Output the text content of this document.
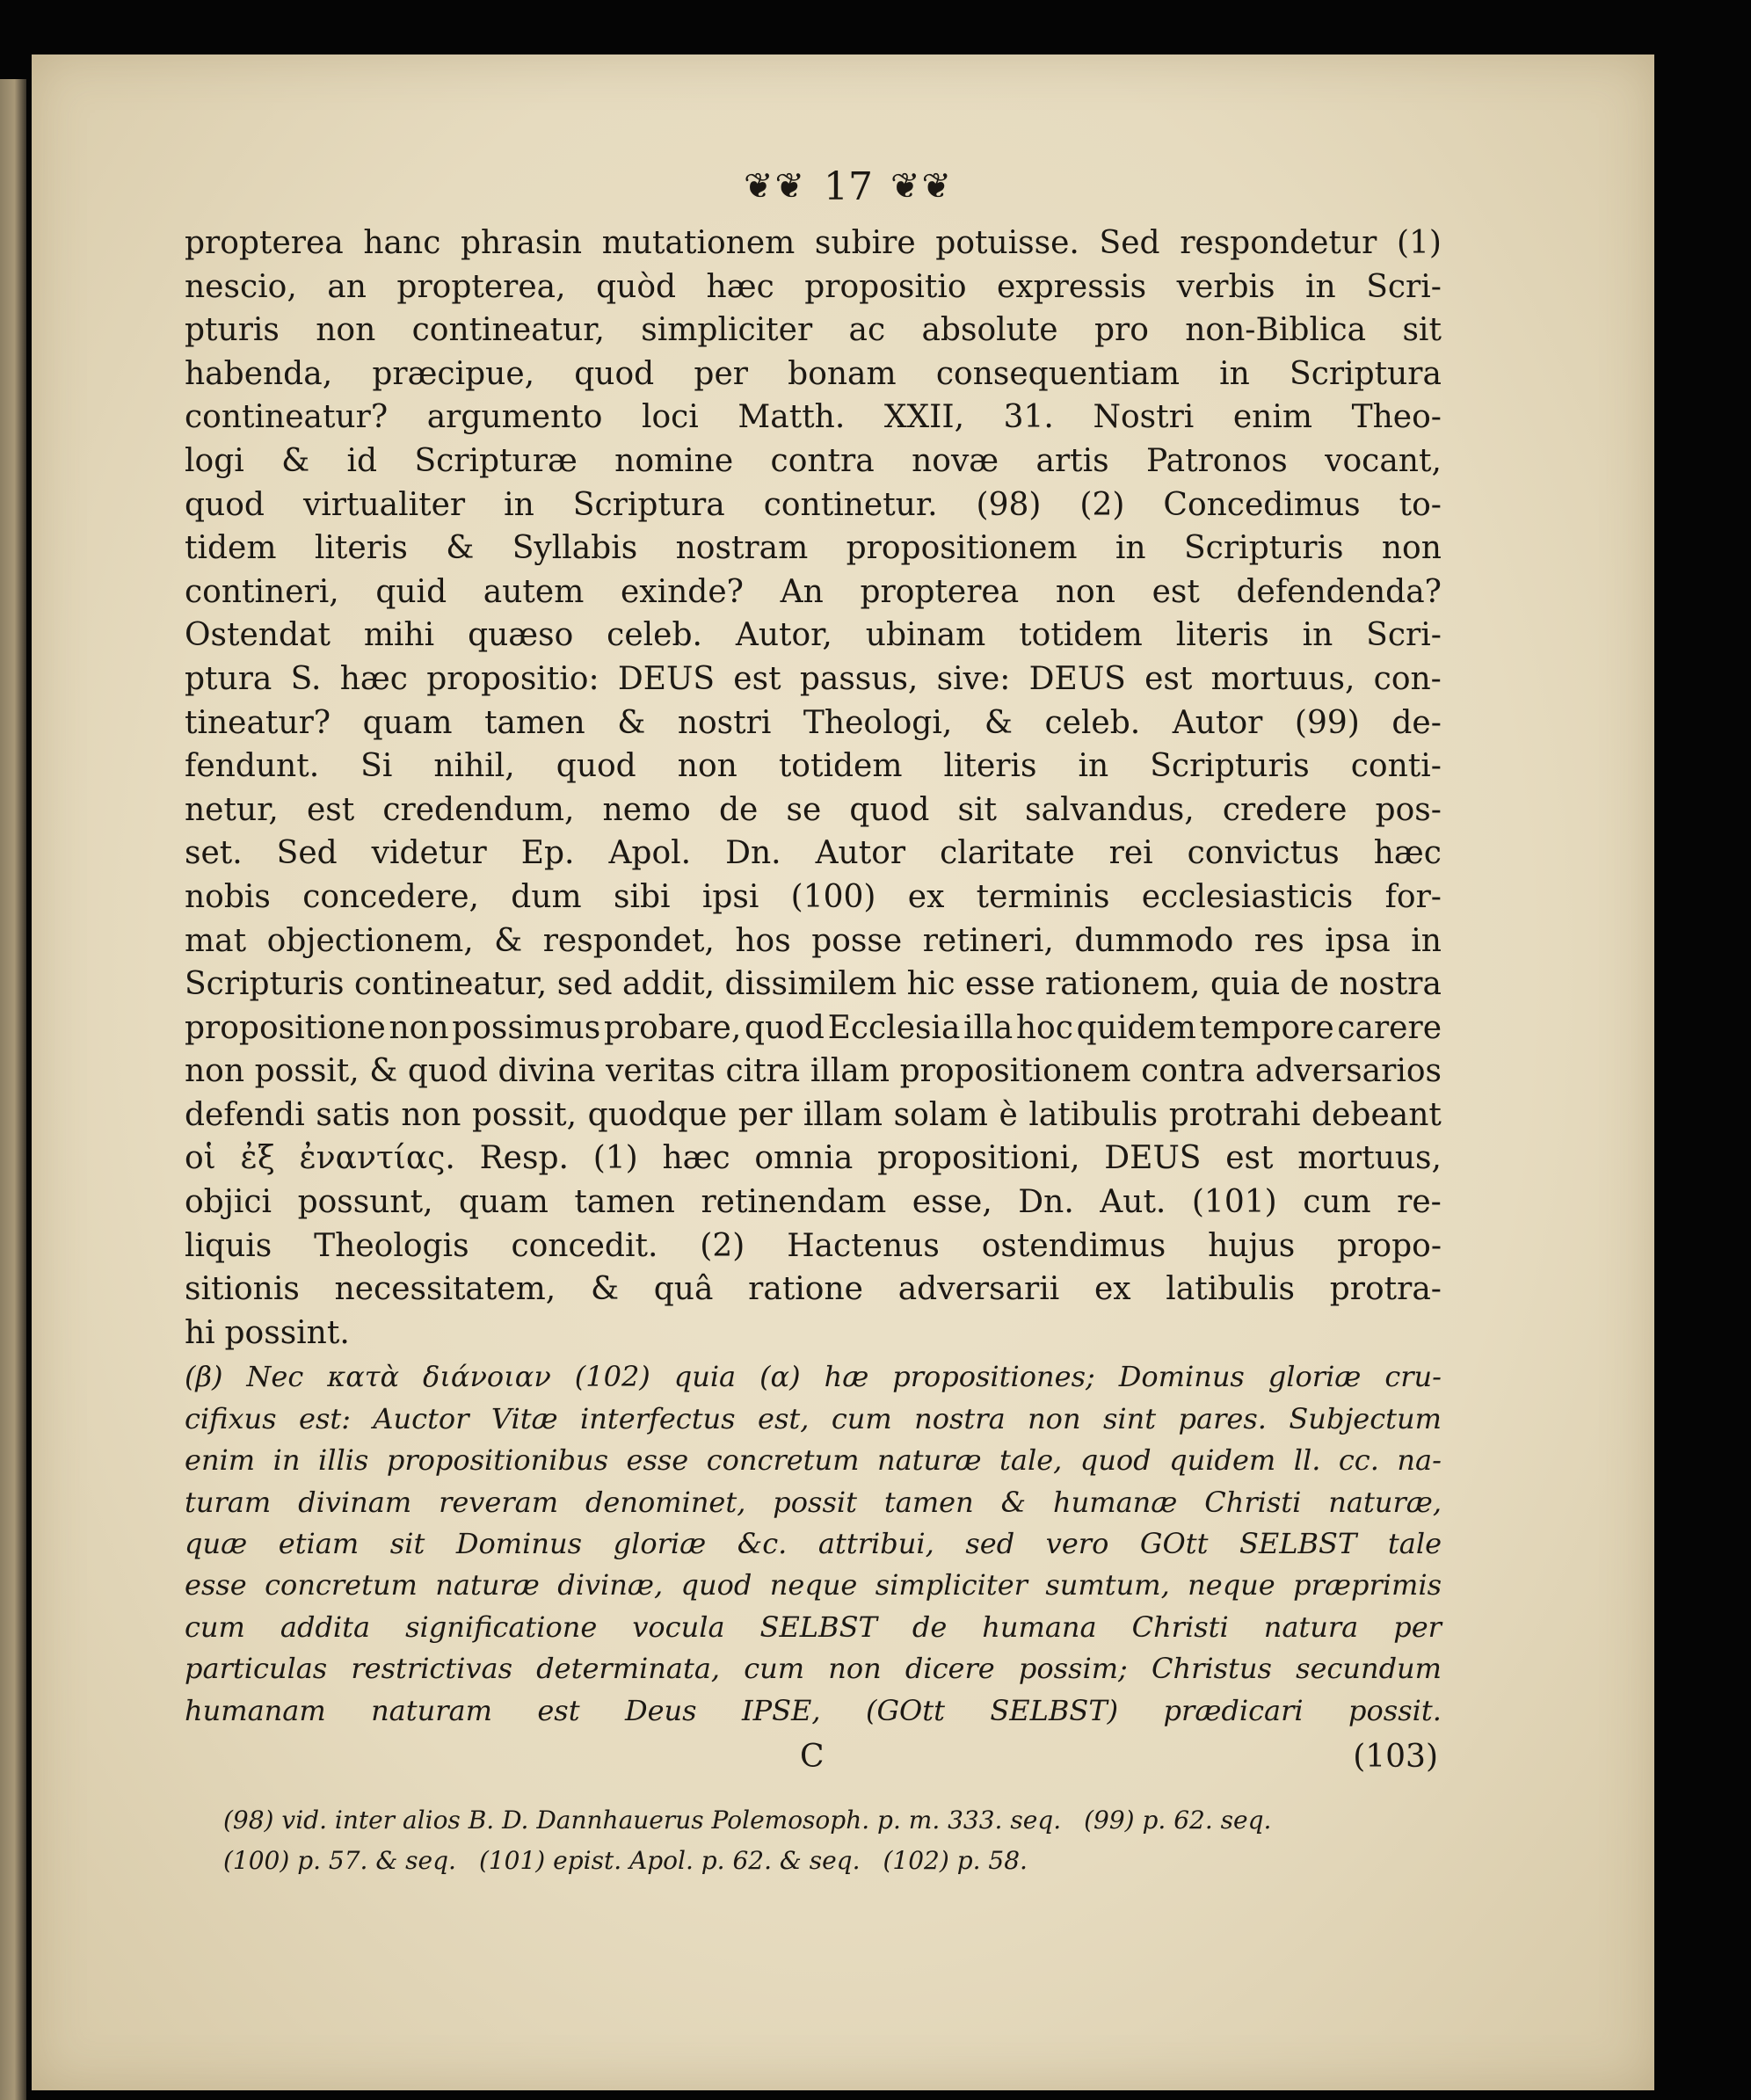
❦❦ 17 ❦❦
propterea hanc phrasin mutationem subire potuisse. Sed respondetur (1)
nescio, an propterea, quòd hæc propositio expressis verbis in Scri-
pturis non contineatur, simpliciter ac absolute pro non-Biblica sit
habenda, præcipue, quod per bonam consequentiam in Scriptura
contineatur? argumento loci Matth. XXII, 31. Nostri enim Theo-
logi & id Scripturæ nomine contra novæ artis Patronos vocant,
quod virtualiter in Scriptura continetur. (98) (2) Concedimus to-
tidem literis & Syllabis nostram propositionem in Scripturis non
contineri, quid autem exinde? An propterea non est defendenda?
Ostendat mihi quæso celeb. Autor, ubinam totidem literis in Scri-
ptura S. hæc propositio: DEUS est passus, sive: DEUS est mortuus, con-
tineatur? quam tamen & nostri Theologi, & celeb. Autor (99) de-
fendunt. Si nihil, quod non totidem literis in Scripturis conti-
netur, est credendum, nemo de se quod sit salvandus, credere pos-
set. Sed videtur Ep. Apol. Dn. Autor claritate rei convictus hæc
nobis concedere, dum sibi ipsi (100) ex terminis ecclesiasticis for-
mat objectionem, & respondet, hos posse retineri, dummodo res ipsa in
Scripturis contineatur, sed addit, dissimilem hic esse rationem, quia de nostra
propositione non possimus probare, quod Ecclesia illa hoc quidem tempore carere
non possit, & quod divina veritas citra illam propositionem contra adversarios
defendi satis non possit, quodque per illam solam è latibulis protrahi debeant
οἱ ἐξ ἐναντίας. Resp. (1) hæc omnia propositioni, DEUS est mortuus,
objici possunt, quam tamen retinendam esse, Dn. Aut. (101) cum re-
liquis Theologis concedit. (2) Hactenus ostendimus hujus propo-
sitionis necessitatem, & quâ ratione adversarii ex latibulis protra-
hi possint.
(β) Nec κατὰ διάνοιαν (102) quia (α) hæ propositiones; Dominus gloriæ cru-
cifixus est: Auctor Vitæ interfectus est, cum nostra non sint pares. Subjectum
enim in illis propositionibus esse concretum naturæ tale, quod quidem ll. cc. na-
turam divinam reveram denominet, possit tamen & humanæ Christi naturæ,
quæ etiam sit Dominus gloriæ &c. attribui, sed vero GOtt SELBST tale
esse concretum naturæ divinæ, quod neque simpliciter sumtum, neque præprimis
cum addita significatione vocula SELBST de humana Christi natura per
particulas restrictivas determinata, cum non dicere possim; Christus secundum
humanam naturam est Deus IPSE, (GOtt SELBST) prædicari possit.
C	(103)
(98) vid. inter alios B. D. Dannhauerus Polemosoph. p. m. 333. seq. (99) p. 62. seq.
(100) p. 57. & seq. (101) epist. Apol. p. 62. & seq. (102) p. 58.
